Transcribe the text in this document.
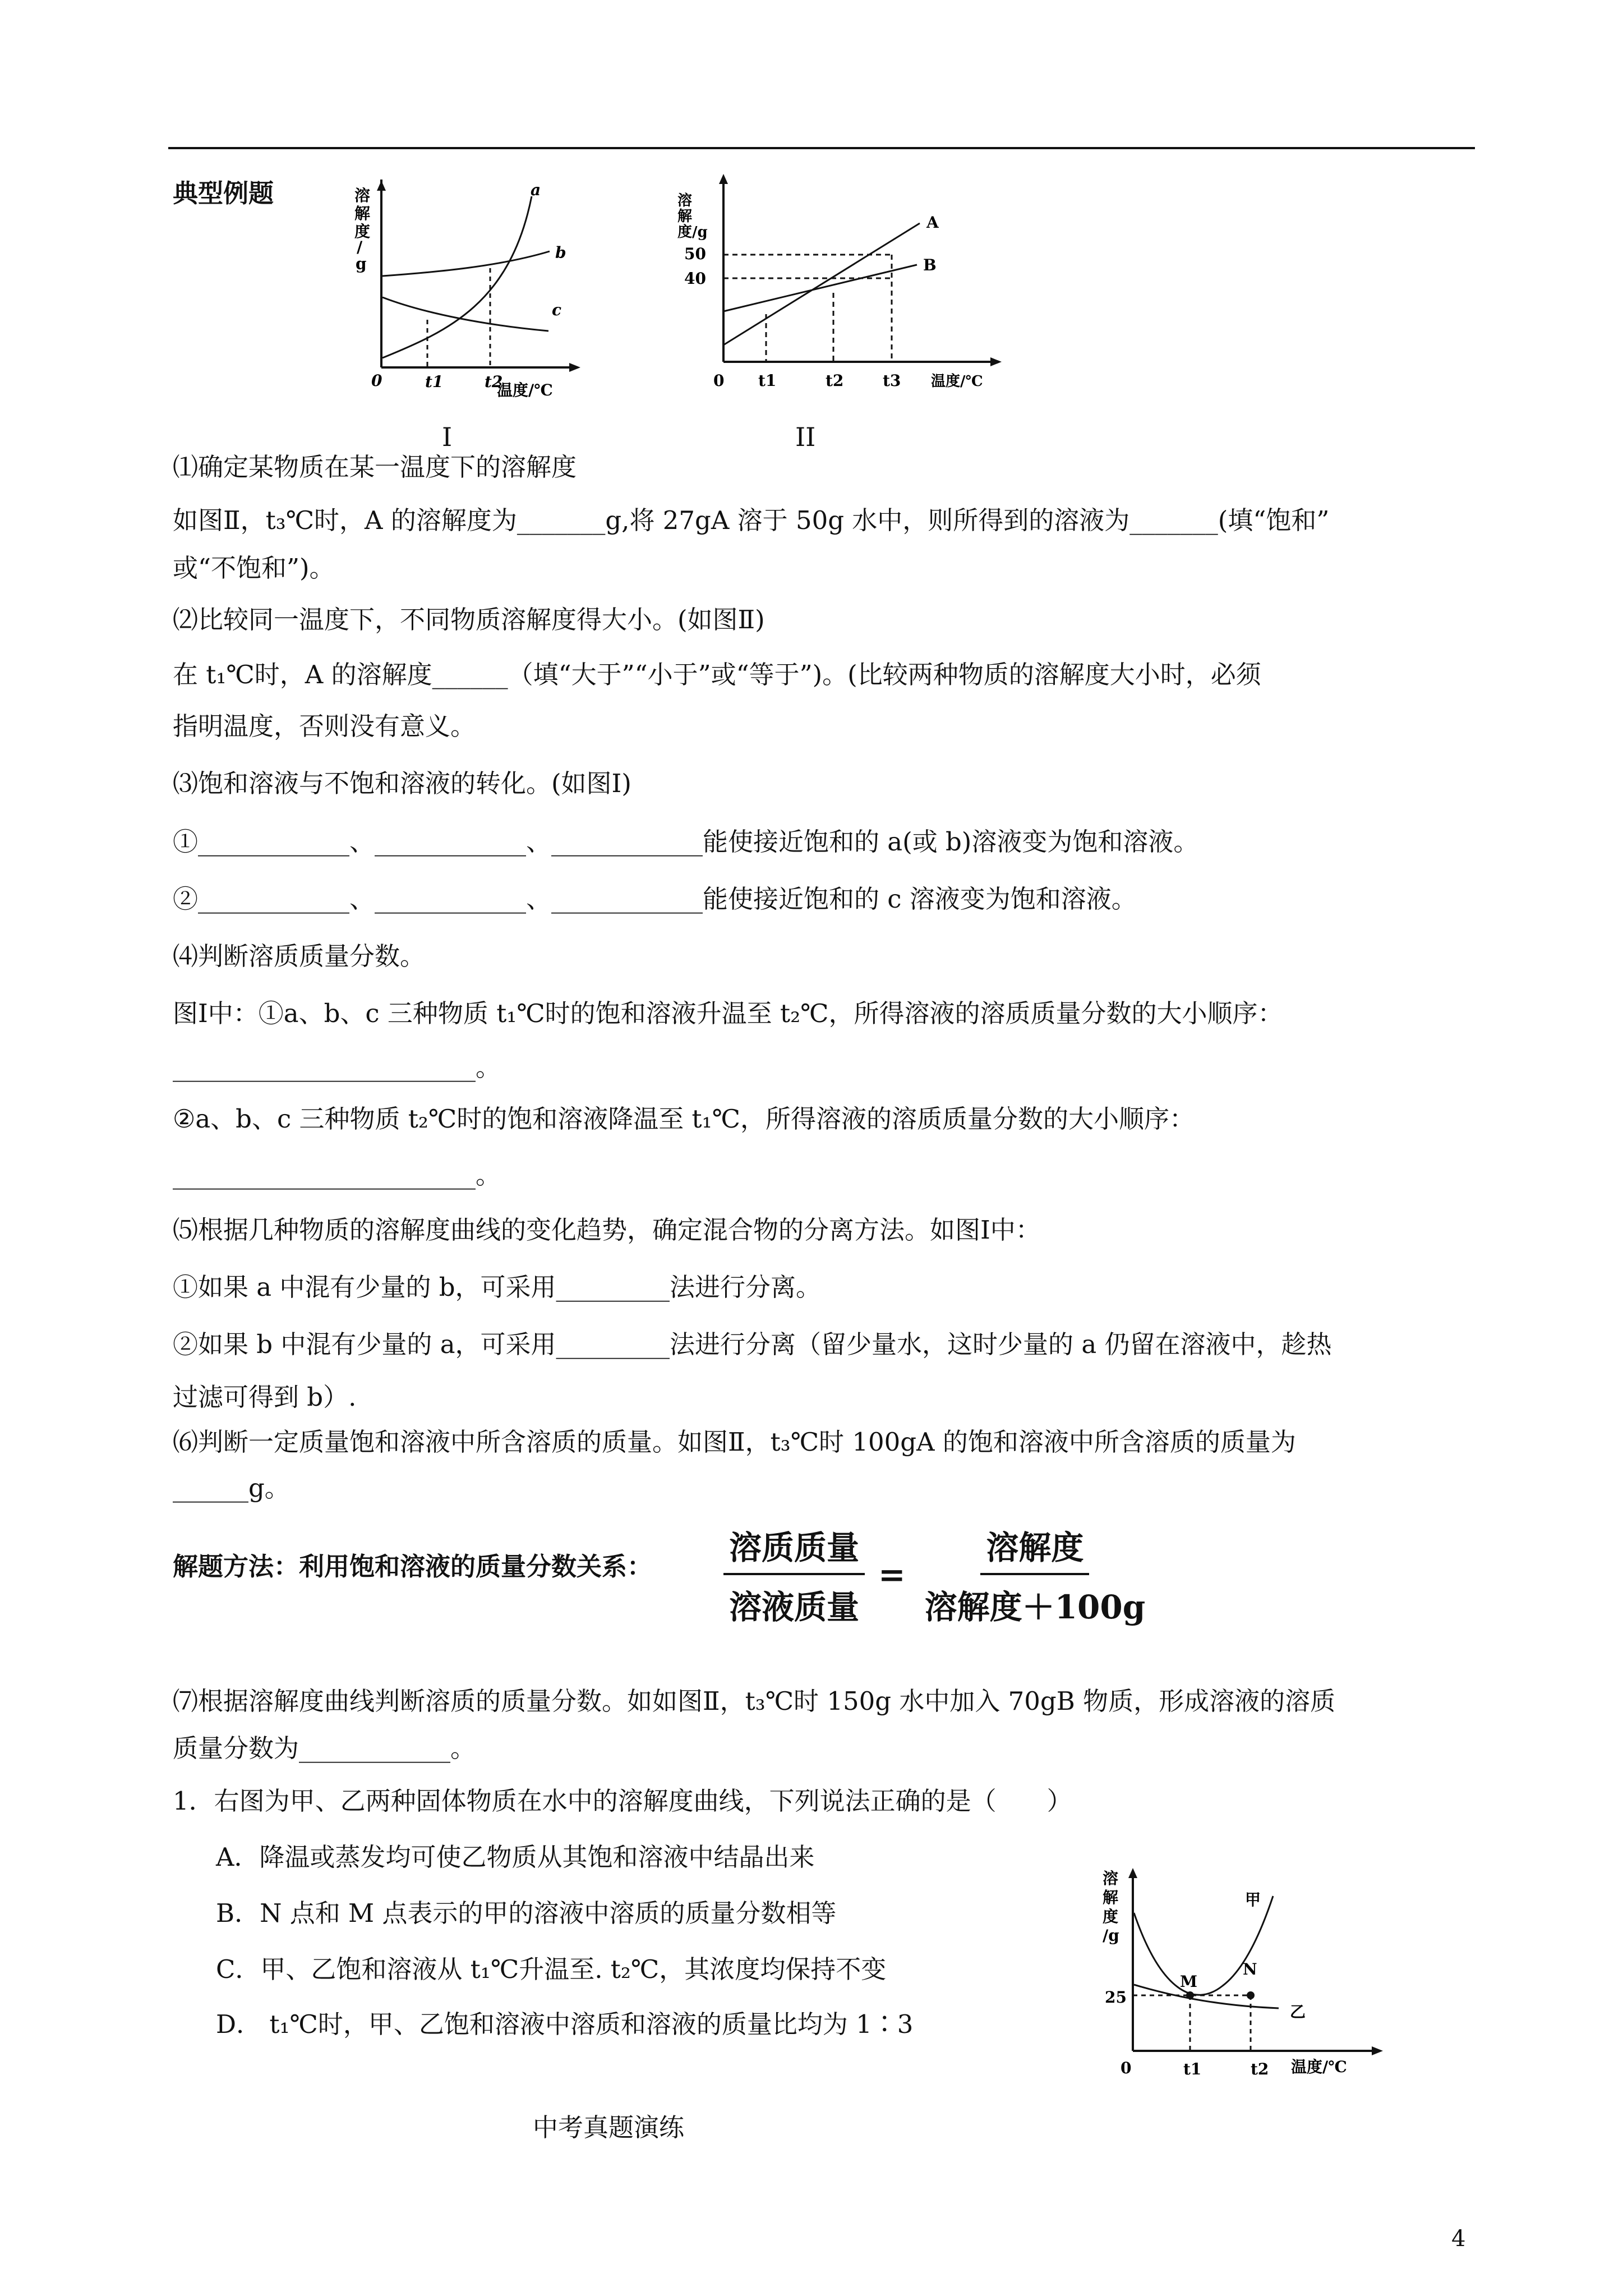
典型例题	溶
解
度
/
g
温度/℃
0	t1	t2
a
b
c
I
溶
解
度/g
温度/℃
50
40
0 t1	t2 t3
A
B
II
⑴确定某物质在某一温度下的溶解度
如图Ⅱ，t₃℃时，A 的溶解度为_______g,将 27gA 溶于 50g 水中，则所得到的溶液为_______(填“饱和”
或“不饱和”)。
⑵比较同一温度下，不同物质溶解度得大小。(如图Ⅱ)
在 t₁℃时，A 的溶解度______（填“大于”“小于”或“等于”)。(比较两种物质的溶解度大小时，必须
指明温度，否则没有意义。
⑶饱和溶液与不饱和溶液的转化。(如图Ⅰ)
①____________、____________、____________能使接近饱和的 a(或 b)溶液变为饱和溶液。
②____________、____________、____________能使接近饱和的 c 溶液变为饱和溶液。
⑷判断溶质质量分数。
图Ⅰ中：①a、b、c 三种物质 t₁℃时的饱和溶液升温至 t₂℃，所得溶液的溶质质量分数的大小顺序：
________________________。
②a、b、c 三种物质 t₂℃时的饱和溶液降温至 t₁℃，所得溶液的溶质质量分数的大小顺序：
________________________。
⑸根据几种物质的溶解度曲线的变化趋势，确定混合物的分离方法。如图Ⅰ中：
①如果 a 中混有少量的 b，可采用_________法进行分离。
②如果 b 中混有少量的 a，可采用_________法进行分离（留少量水，这时少量的 a 仍留在溶液中，趁热
过滤可得到 b）.
⑹判断一定质量饱和溶液中所含溶质的质量。如图Ⅱ，t₃℃时 100gA 的饱和溶液中所含溶质的质量为
______g。
解题方法：利用饱和溶液的质量分数关系： $\frac{\text{溶质质量}}{\text{溶液质量}} = \frac{\text{溶解度}}{\text{溶解度＋100g}}$
⑺根据溶解度曲线判断溶质的质量分数。如如图Ⅱ，t₃℃时 150g 水中加入 70gB 物质，形成溶液的溶质
质量分数为____________。
1．右图为甲、乙两种固体物质在水中的溶解度曲线，下列说法正确的是（　　）
A．降温或蒸发均可使乙物质从其饱和溶液中结晶出来
B．N 点和 M 点表示的甲的溶液中溶质的质量分数相等
C．甲、乙饱和溶液从 t₁℃升温至. t₂℃，其浓度均保持不变
D． t₁℃时，甲、乙饱和溶液中溶质和溶液的质量比均为 1∶3
溶
解
度
/g
25
0	t1	t2 温度/℃
甲
乙
M
N
中考真题演练
4
